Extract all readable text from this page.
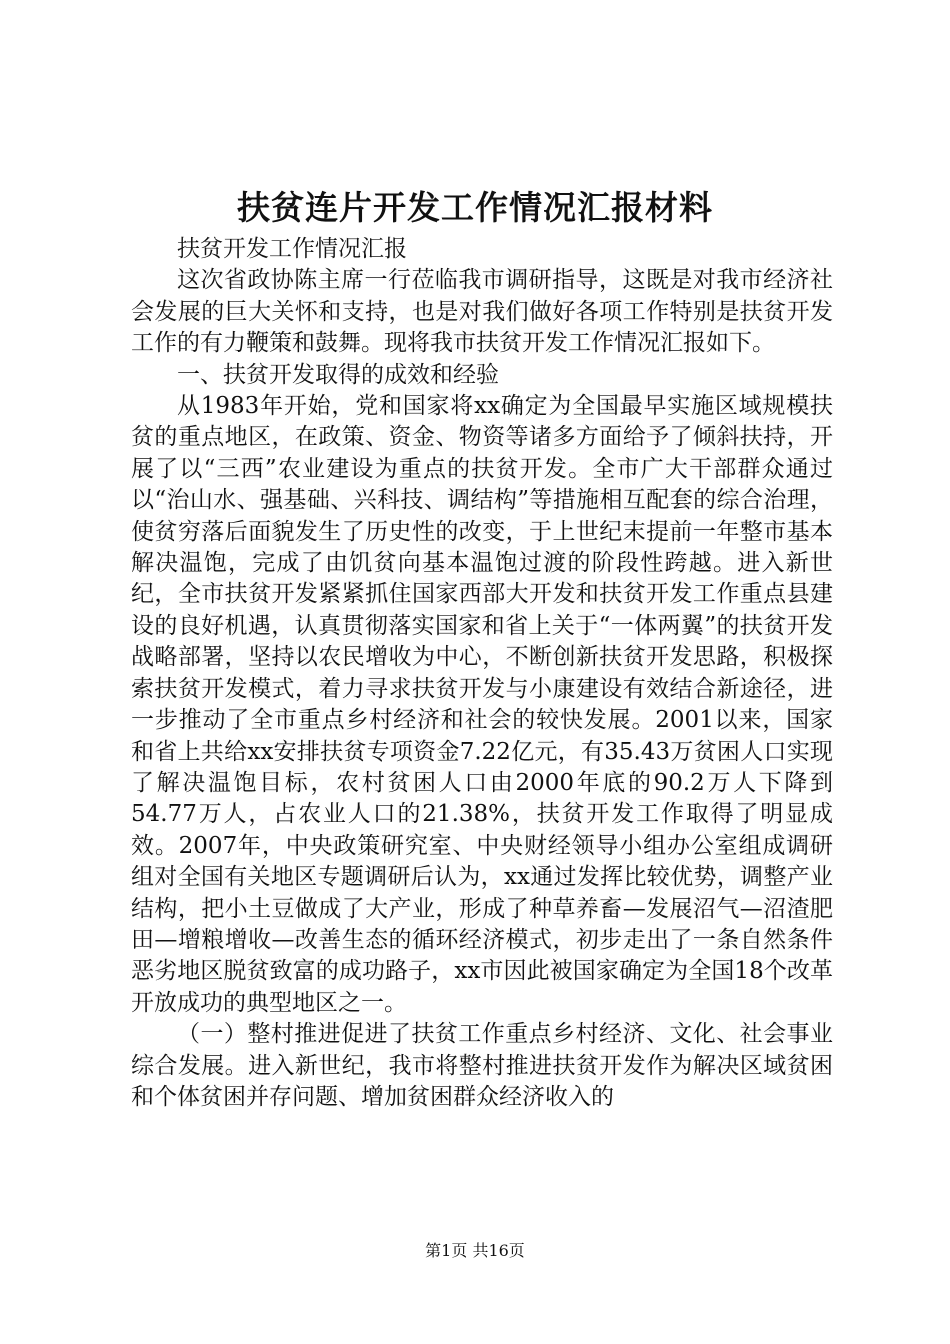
扶贫连片开发工作情况汇报材料

扶贫开发工作情况汇报

这次省政协陈主席一行莅临我市调研指导，这既是对我市经济社会发展的巨大关怀和支持，也是对我们做好各项工作特别是扶贫开发工作的有力鞭策和鼓舞。现将我市扶贫开发工作情况汇报如下。

一、扶贫开发取得的成效和经验

从1983年开始，党和国家将xx确定为全国最早实施区域规模扶贫的重点地区，在政策、资金、物资等诸多方面给予了倾斜扶持，开展了以“三西”农业建设为重点的扶贫开发。全市广大干部群众通过以“治山水、强基础、兴科技、调结构”等措施相互配套的综合治理，使贫穷落后面貌发生了历史性的改变，于上世纪末提前一年整市基本解决温饱，完成了由饥贫向基本温饱过渡的阶段性跨越。进入新世纪，全市扶贫开发紧紧抓住国家西部大开发和扶贫开发工作重点县建设的良好机遇，认真贯彻落实国家和省上关于“一体两翼”的扶贫开发战略部署，坚持以农民增收为中心，不断创新扶贫开发思路，积极探索扶贫开发模式，着力寻求扶贫开发与小康建设有效结合新途径，进一步推动了全市重点乡村经济和社会的较快发展。2001以来，国家和省上共给xx安排扶贫专项资金7.22亿元，有35.43万贫困人口实现了解决温饱目标，农村贫困人口由2000年底的90.2万人下降到54.77万人，占农业人口的21.38%，扶贫开发工作取得了明显成效。2007年，中央政策研究室、中央财经领导小组办公室组成调研组对全国有关地区专题调研后认为，xx通过发挥比较优势，调整产业结构，把小土豆做成了大产业，形成了种草养畜—发展沼气—沼渣肥田—增粮增收—改善生态的循环经济模式，初步走出了一条自然条件恶劣地区脱贫致富的成功路子，xx市因此被国家确定为全国18个改革开放成功的典型地区之一。

（一）整村推进促进了扶贫工作重点乡村经济、文化、社会事业综合发展。进入新世纪，我市将整村推进扶贫开发作为解决区域贫困和个体贫困并存问题、增加贫困群众经济收入的

第1页 共16页
